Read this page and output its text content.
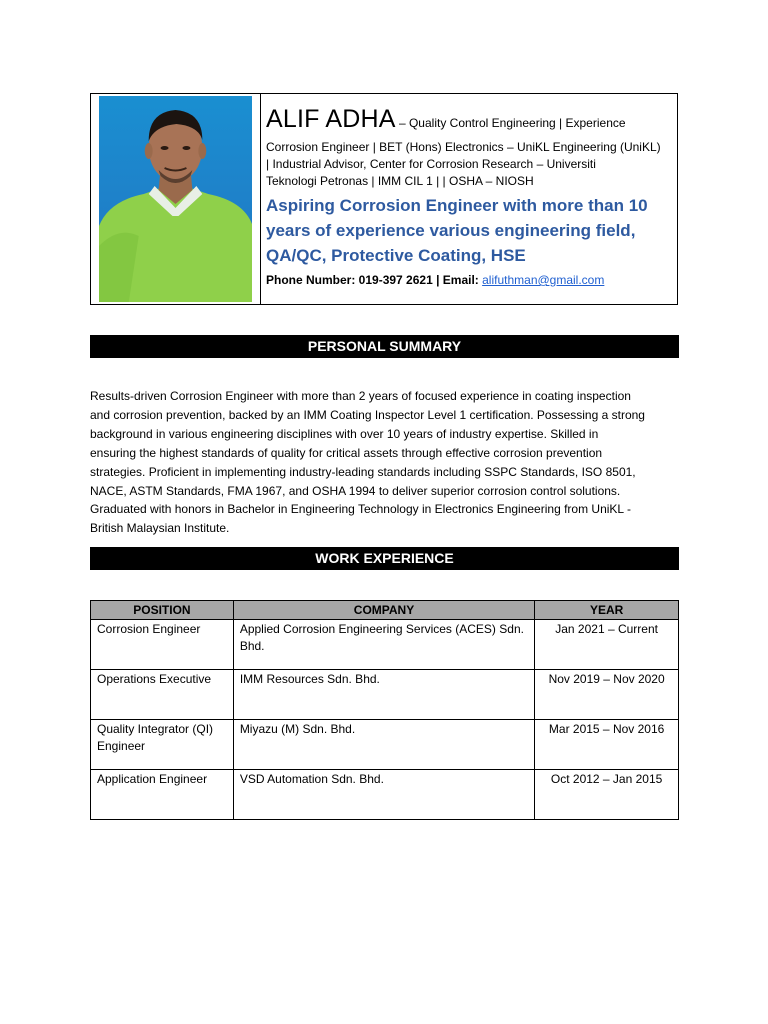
ALIF ADHA – Quality Control Engineering | Experience
Corrosion Engineer | BET (Hons) Electronics – UniKL Engineering (UniKL)
| Industrial Advisor, Center for Corrosion Research – Universiti
Teknologi Petronas | IMM CIL 1 | | OSHA – NIOSH
Aspiring Corrosion Engineer with more than 10
years of experience various engineering field,
QA/QC, Protective Coating, HSE
Phone Number: 019-397 2621 | Email: alifuthman@gmail.com
PERSONAL SUMMARY
Results-driven Corrosion Engineer with more than 2 years of focused experience in coating inspection
and corrosion prevention, backed by an IMM Coating Inspector Level 1 certification. Possessing a strong
background in various engineering disciplines with over 10 years of industry expertise. Skilled in
ensuring the highest standards of quality for critical assets through effective corrosion prevention
strategies. Proficient in implementing industry-leading standards including SSPC Standards, ISO 8501,
NACE, ASTM Standards, FMA 1967, and OSHA 1994 to deliver superior corrosion control solutions.
Graduated with honors in Bachelor in Engineering Technology in Electronics Engineering from UniKL -
British Malaysian Institute.
WORK EXPERIENCE
POSITION	COMPANY	YEAR
Corrosion Engineer	Applied Corrosion Engineering Services (ACES) Sdn. Bhd.	Jan 2021 – Current
Operations Executive	IMM Resources Sdn. Bhd.	Nov 2019 – Nov 2020
Quality Integrator (QI) Engineer	Miyazu (M) Sdn. Bhd.	Mar 2015 – Nov 2016
Application Engineer	VSD Automation Sdn. Bhd.	Oct 2012 – Jan 2015
